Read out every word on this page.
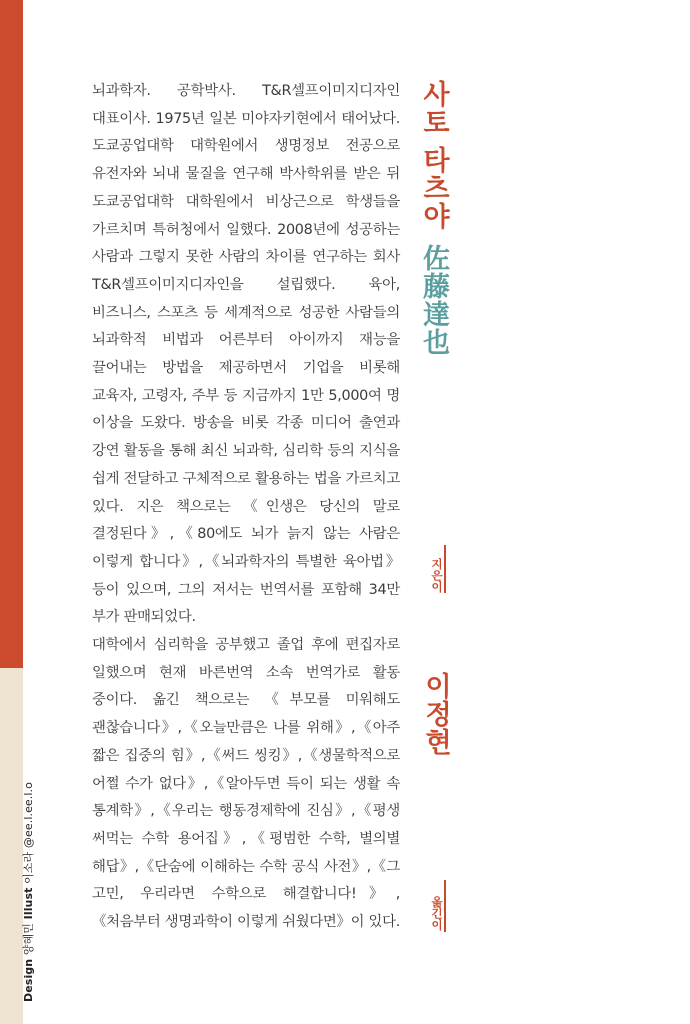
Design 양혜민 Illust 이소라 @ee.l.ee.l.o
뇌과학자. 공학박사. T&R셀프이미지디자인 대표이사. 1975년 일본 미야자키현에서 태어났다. 도쿄공업대학 대학원에서 생명정보 전공으로 유전자와 뇌내 물질을 연구해 박사학위를 받은 뒤 도쿄공업대학 대학원에서 비상근으로 학생들을 가르치며 특허청에서 일했다. 2008년에 성공하는 사람과 그렇지 못한 사람의 차이를 연구하는 회사 T&R셀프이미지디자인을 설립했다. 육아, 비즈니스, 스포츠 등 세계적으로 성공한 사람들의 뇌과학적 비법과 어른부터 아이까지 재능을 끌어내는 방법을 제공하면서 기업을 비롯해 교육자, 고령자, 주부 등 지금까지 1만 5,000여 명 이상을 도왔다. 방송을 비롯 각종 미디어 출연과 강연 활동을 통해 최신 뇌과학, 심리학 등의 지식을 쉽게 전달하고 구체적으로 활용하는 법을 가르치고 있다. 지은 책으로는 《인생은 당신의 말로 결정된다》,《80에도 뇌가 늙지 않는 사람은 이렇게 합니다》,《뇌과학자의 특별한 육아법》 등이 있으며, 그의 저서는 번역서를 포함해 34만 부가 판매되었다.
사토 타츠야佐藤達也
지은이
대학에서 심리학을 공부했고 졸업 후에 편집자로 일했으며 현재 바른번역 소속 번역가로 활동 중이다. 옮긴 책으로는 《부모를 미워해도 괜찮습니다》,《오늘만큼은 나를 위해》,《아주 짧은 집중의 힘》,《써드 씽킹》,《생물학적으로 어쩔 수가 없다》,《알아두면 득이 되는 생활 속 통계학》,《우리는 행동경제학에 진심》,《평생 써먹는 수학 용어집》,《평범한 수학, 별의별 해답》,《단숨에 이해하는 수학 공식 사전》,《그 고민, 우리라면 수학으로 해결합니다!》,《처음부터 생명과학이 이렇게 쉬웠다면》이 있다.
이정현
옮긴이
